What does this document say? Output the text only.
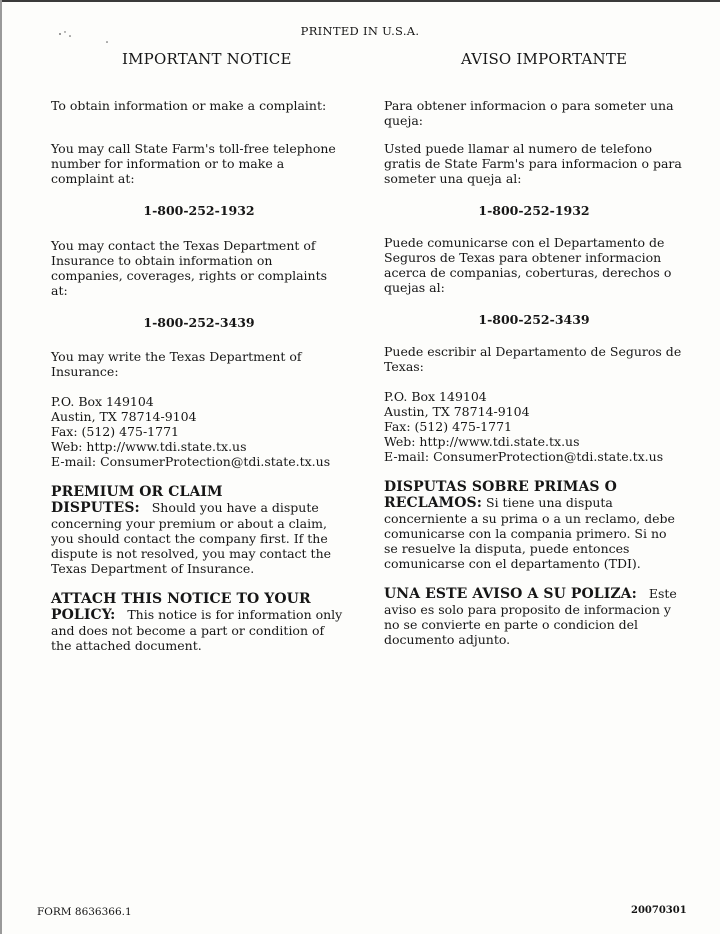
PRINTED IN U.S.A.
IMPORTANT NOTICE

To obtain information or make a complaint:

You may call State Farm's toll-free telephone number for information or to make a complaint at:

1-800-252-1932

You may contact the Texas Department of Insurance to obtain information on companies, coverages, rights or complaints at:

1-800-252-3439

You may write the Texas Department of Insurance:

P.O. Box 149104
Austin, TX 78714-9104
Fax: (512) 475-1771
Web: http://www.tdi.state.tx.us
E-mail: ConsumerProtection@tdi.state.tx.us

PREMIUM OR CLAIM DISPUTES: Should you have a dispute concerning your premium or about a claim, you should contact the company first. If the dispute is not resolved, you may contact the Texas Department of Insurance.

ATTACH THIS NOTICE TO YOUR POLICY: This notice is for information only and does not become a part or condition of the attached document.

AVISO IMPORTANTE

Para obtener informacion o para someter una queja:

Usted puede llamar al numero de telefono gratis de State Farm's para informacion o para someter una queja al:

1-800-252-1932

Puede comunicarse con el Departamento de Seguros de Texas para obtener informacion acerca de companias, coberturas, derechos o quejas al:

1-800-252-3439

Puede escribir al Departamento de Seguros de Texas:

P.O. Box 149104
Austin, TX 78714-9104
Fax: (512) 475-1771
Web: http://www.tdi.state.tx.us
E-mail: ConsumerProtection@tdi.state.tx.us

DISPUTAS SOBRE PRIMAS O RECLAMOS: Si tiene una disputa concerniente a su prima o a un reclamo, debe comunicarse con la compania primero. Si no se resuelve la disputa, puede entonces comunicarse con el departamento (TDI).

UNA ESTE AVISO A SU POLIZA: Este aviso es solo para proposito de informacion y no se convierte en parte o condicion del documento adjunto.

FORM 8636366.1	20070301
